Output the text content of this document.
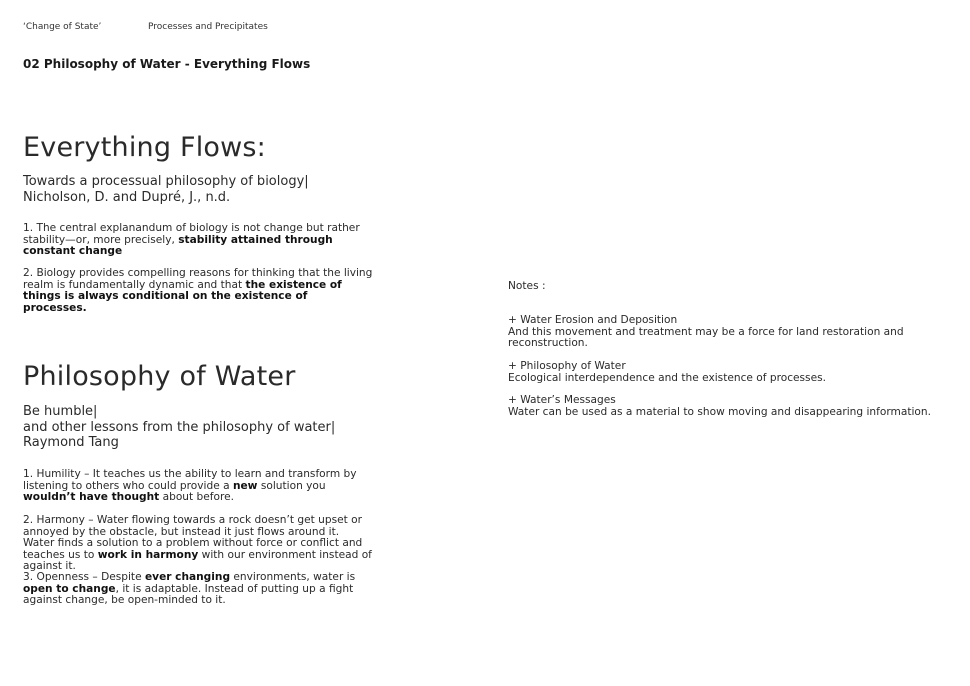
‘Change of State’	Processes and Precipitates
02 Philosophy of Water - Everything Flows
Everything Flows:
Towards a processual philosophy of biology|
Nicholson, D. and Dupré, J., n.d.

1. The central explanandum of biology is not change but rather stability—or, more precisely, stability attained through constant change

2. Biology provides compelling reasons for thinking that the living realm is fundamentally dynamic and that the existence of things is always conditional on the existence of processes.

Philosophy of Water
Be humble|
and other lessons from the philosophy of water|
Raymond Tang

1. Humility – It teaches us the ability to learn and transform by listening to others who could provide a new solution you wouldn’t have thought about before.

2. Harmony – Water flowing towards a rock doesn’t get upset or annoyed by the obstacle, but instead it just flows around it. Water finds a solution to a problem without force or conflict and teaches us to work in harmony with our environment instead of against it.

3. Openness – Despite ever changing environments, water is open to change, it is adaptable. Instead of putting up a fight against change, be open-minded to it.

Notes :

+ Water Erosion and Deposition

And this movement and treatment may be a force for land restoration and reconstruction.

+ Philosophy of Water

Ecological interdependence and the existence of processes.

+ Water’s Messages

Water can be used as a material to show moving and disappearing information.
